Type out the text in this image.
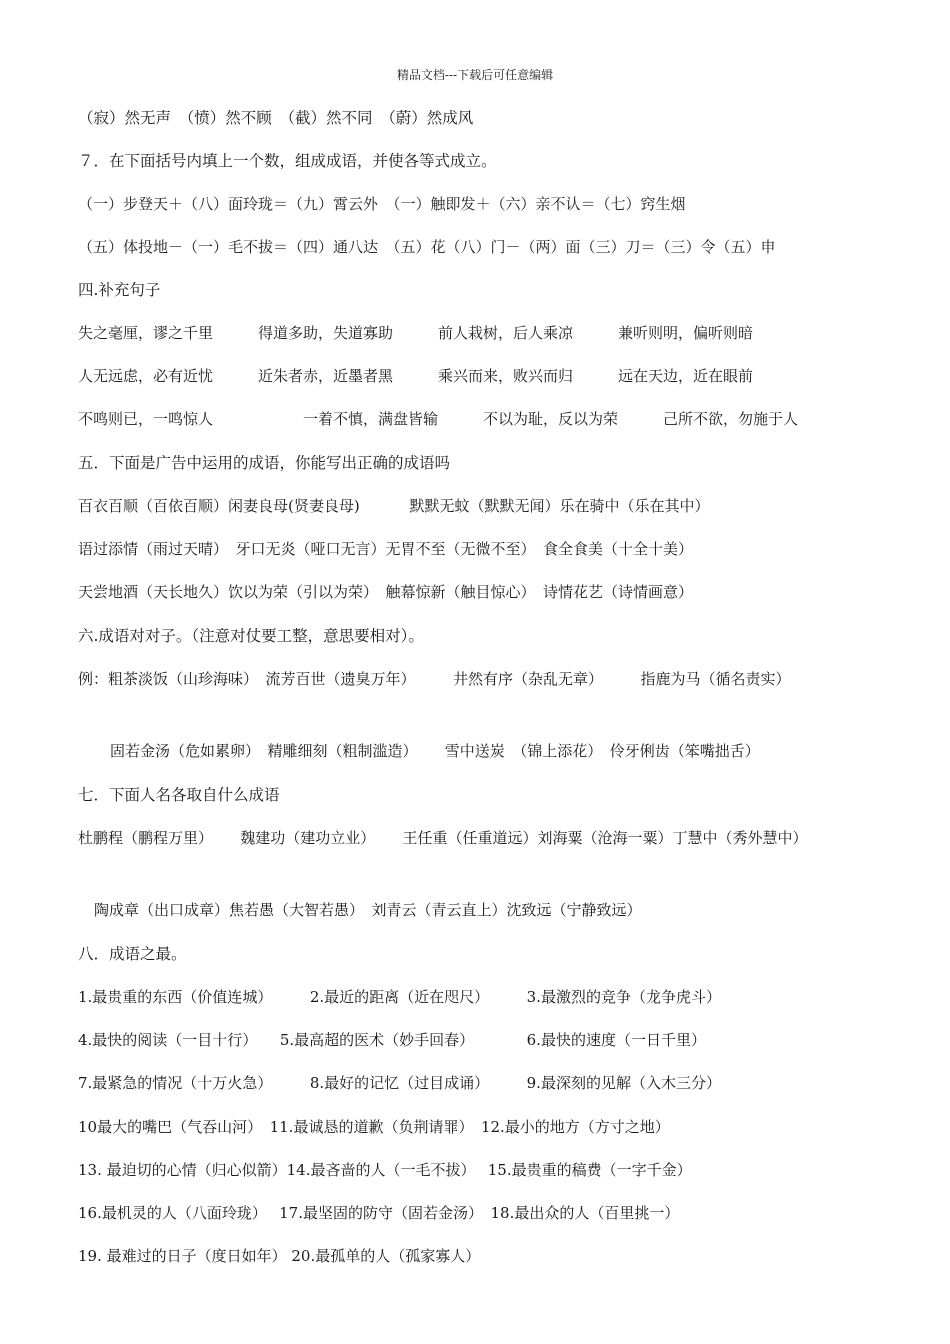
精品文档---下载后可任意编辑
（寂）然无声　（愤）然不顾　（截）然不同　（蔚）然成风
７．在下面括号内填上一个数，组成成语，并使各等式成立。
（一）步登天＋（八）面玲珑＝（九）霄云外　（一）触即发＋（六）亲不认＝（七）窍生烟
（五）体投地－（一）毛不拔＝（四）通八达　（五）花（八）门－（两）面（三）刀＝（三）令（五）申
四.补充句子
失之毫厘，谬之千里　　　得道多助，失道寡助　　　前人栽树，后人乘凉　　　兼听则明，偏听则暗
人无远虑，必有近忧　　　近朱者赤，近墨者黑　　　乘兴而来，败兴而归　　　远在天边，近在眼前
不鸣则已，一鸣惊人　　　　　　一着不慎，满盘皆输　　　不以为耻，反以为荣　　　己所不欲，勿施于人
五．下面是广告中运用的成语，你能写出正确的成语吗
百衣百顺（百依百顺）闲妻良母(贤妻良母)　　　 默默无蚊（默默无闻）乐在骑中（乐在其中）
语过添情（雨过天晴）　牙口无炎（哑口无言）无胃不至（无微不至）　食全食美（十全十美）
天尝地酒（天长地久）饮以为荣（引以为荣）　触幕惊新（触目惊心）　诗情花艺（诗情画意）
六.成语对对子。（注意对仗要工整，意思要相对）。
例：粗茶淡饭（山珍海味）　流芳百世（遗臭万年）　　　井然有序（杂乱无章）　　　指鹿为马（循名责实）
固若金汤（危如累卵）　精雕细刻（粗制滥造）　　 雪中送炭　（锦上添花）　伶牙俐齿（笨嘴拙舌）
七．下面人名各取自什么成语
杜鹏程（鹏程万里）　　 魏建功（建功立业）　　 王任重（任重道远）刘海粟（沧海一粟）丁慧中（秀外慧中）
陶成章（出口成章）焦若愚（大智若愚）　刘青云（青云直上）沈致远（宁静致远）
八．成语之最。
1.最贵重的东西（价值连城）　　　2.最近的距离（近在咫尺）　　　3.最激烈的竞争（龙争虎斗）
4.最快的阅读（一目十行）　　5.最高超的医术（妙手回春）　　　　6.最快的速度（一日千里）
7.最紧急的情况（十万火急）　　　8.最好的记忆（过目成诵）　　　9.最深刻的见解（入木三分）
10最大的嘴巴（气吞山河）　11.最诚恳的道歉（负荆请罪）　12.最小的地方（方寸之地）
13. 最迫切的心情（归心似箭）14.最吝啬的人（一毛不拔）　 15.最贵重的稿费（一字千金）
16.最机灵的人（八面玲珑）　 17.最坚固的防守（固若金汤）　18.最出众的人（百里挑一）
19. 最难过的日子（度日如年） 20.最孤单的人（孤家寡人）
